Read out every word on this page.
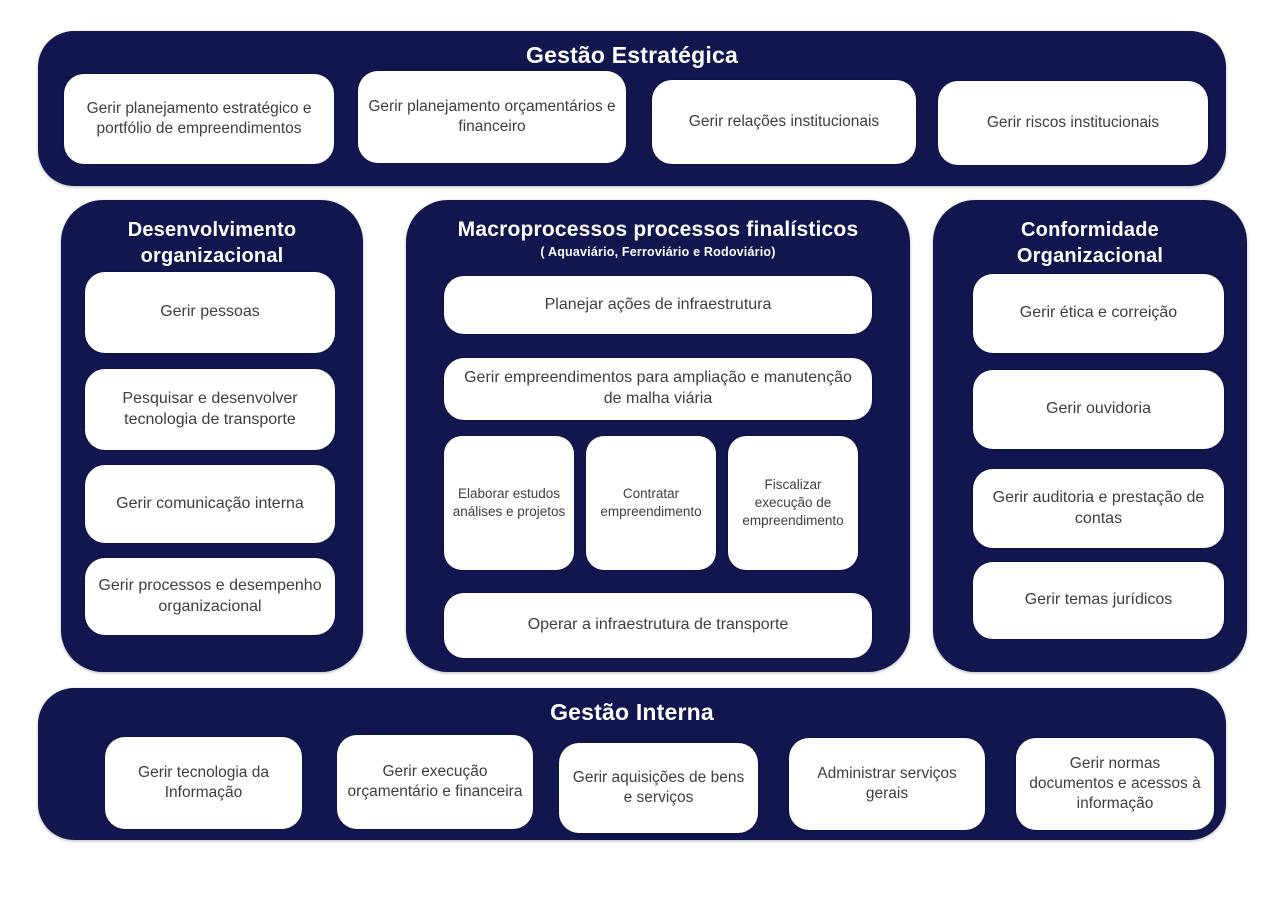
Gestão Estratégica
Gerir planejamento estratégico e portfólio de empreendimentos
Gerir planejamento orçamentários e financeiro	Gerir relações institucionais	Gerir riscos institucionais
Desenvolvimento organizacional
Gerir pessoas
Pesquisar e desenvolver tecnologia de transporte
Gerir comunicação interna
Gerir processos e desempenho organizacional
Macroprocessos processos finalísticos
( Aquaviário, Ferroviário e Rodoviário)
Planejar ações de infraestrutura
Gerir empreendimentos para ampliação e manutenção de malha viária
Elaborar estudos análises e projetos
Contratar empreendimento
Fiscalizar execução de empreendimento
Operar a infraestrutura de transporte
Conformidade Organizacional
Gerir ética e correição
Gerir ouvidoria
Gerir auditoria e prestação de contas
Gerir temas jurídicos
Gestão Interna
Gerir tecnologia da Informação
Gerir execução orçamentário e financeira
Gerir aquisições de bens e serviços
Administrar serviços gerais
Gerir normas documentos e acessos à informação
